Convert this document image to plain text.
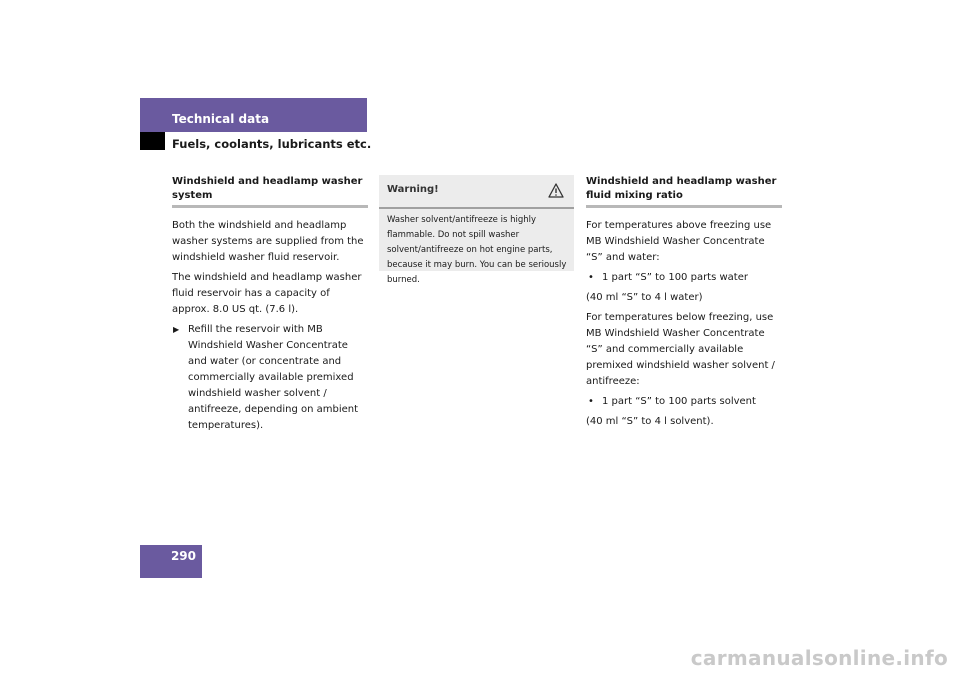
Technical data
Fuels, coolants, lubricants etc.
Windshield and headlamp washer system

Both the windshield and headlamp washer systems are supplied from the windshield washer fluid reservoir.

The windshield and headlamp washer fluid reservoir has a capacity of approx. 8.0 US qt. (7.6 l).

▶ Refill the reservoir with MB Windshield Washer Concentrate and water (or concentrate and commercially available premixed windshield washer solvent / antifreeze, depending on ambient temperatures).
Warning!
Washer solvent/antifreeze is highly flammable. Do not spill washer solvent/antifreeze on hot engine parts, because it may burn. You can be seriously burned.
Windshield and headlamp washer fluid mixing ratio

For temperatures above freezing use MB Windshield Washer Concentrate “S” and water:

• 1 part “S” to 100 parts water

(40 ml “S” to 4 l water)

For temperatures below freezing, use MB Windshield Washer Concentrate “S” and commercially available premixed windshield washer solvent / antifreeze:

• 1 part “S” to 100 parts solvent

(40 ml “S” to 4 l solvent).

290
carmanualsonline.info
